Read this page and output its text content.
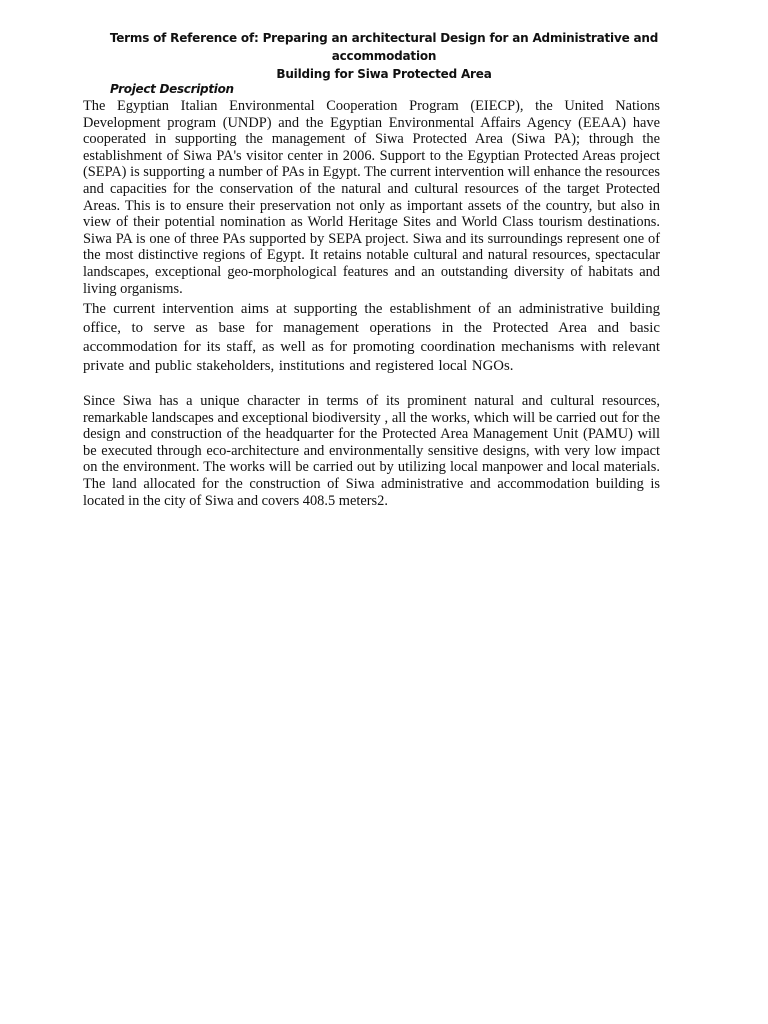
Terms of Reference of: Preparing an architectural Design for an Administrative and accommodation
Building for Siwa Protected Area
Project Description

The Egyptian Italian Environmental Cooperation Program (EIECP), the United Nations Development program (UNDP) and the Egyptian Environmental Affairs Agency (EEAA) have cooperated in supporting the management of Siwa Protected Area (Siwa PA); through the establishment of Siwa PA's visitor center in 2006. Support to the Egyptian Protected Areas project (SEPA) is supporting a number of PAs in Egypt. The current intervention will enhance the resources and capacities for the conservation of the natural and cultural resources of the target Protected Areas. This is to ensure their preservation not only as important assets of the country, but also in view of their potential nomination as World Heritage Sites and World Class tourism destinations. Siwa PA is one of three PAs supported by SEPA project. Siwa and its surroundings represent one of the most distinctive regions of Egypt. It retains notable cultural and natural resources, spectacular landscapes, exceptional geo-morphological features and an outstanding diversity of habitats and living organisms.

The current intervention aims at supporting the establishment of an administrative building office, to serve as base for management operations in the Protected Area and basic accommodation for its staff, as well as for promoting coordination mechanisms with relevant private and public stakeholders, institutions and registered local NGOs.

Since Siwa has a unique character in terms of its prominent natural and cultural resources, remarkable landscapes and exceptional biodiversity , all the works, which will be carried out for the design and construction of the headquarter for the Protected Area Management Unit (PAMU) will be executed through eco-architecture and environmentally sensitive designs, with very low impact on the environment. The works will be carried out by utilizing local manpower and local materials. The land allocated for the construction of Siwa administrative and accommodation building is located in the city of Siwa and covers 408.5 meters2.
